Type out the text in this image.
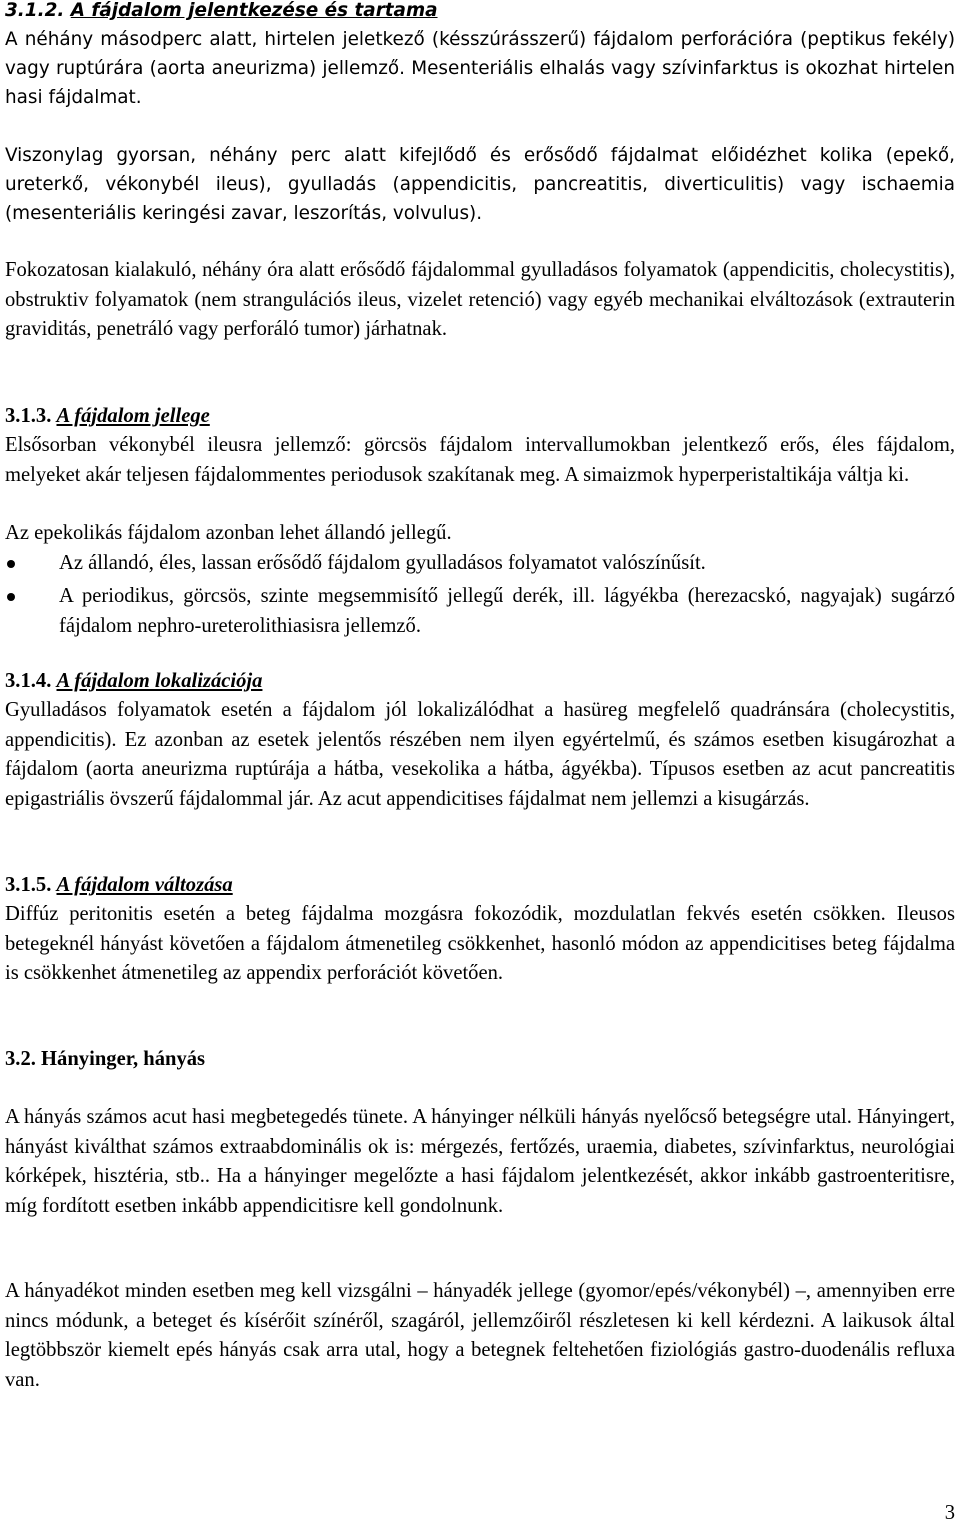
3.1.2. A fájdalom jelentkezése és tartama

A néhány másodperc alatt, hirtelen jeletkező (késszúrásszerű) fájdalom perforációra (peptikus fekély) vagy ruptúrára (aorta aneurizma) jellemző. Mesenteriális elhalás vagy szívinfarktus is okozhat hirtelen hasi fájdalmat.

Viszonylag gyorsan, néhány perc alatt kifejlődő és erősődő fájdalmat előidézhet kolika (epekő, ureterkő, vékonybél ileus), gyulladás (appendicitis, pancreatitis, diverticulitis) vagy ischaemia (mesenteriális keringési zavar, leszorítás, volvulus).

Fokozatosan kialakuló, néhány óra alatt erősődő fájdalommal gyulladásos folyamatok (appendicitis, cholecystitis), obstruktiv folyamatok (nem strangulációs ileus, vizelet retenció) vagy egyéb mechanikai elváltozások (extrauterin graviditás, penetráló vagy perforáló tumor) járhatnak.

3.1.3. A fájdalom jellege

Elsősorban vékonybél ileusra jellemző: görcsös fájdalom intervallumokban jelentkező erős, éles fájdalom, melyeket akár teljesen fájdalommentes periodusok szakítanak meg. A simaizmok hyperperistaltikája váltja ki.

Az epekolikás fájdalom azonban lehet állandó jellegű.

Az állandó, éles, lassan erősődő fájdalom gyulladásos folyamatot valószínűsít.
A periodikus, görcsös, szinte megsemmisítő jellegű derék, ill. lágyékba (herezacskó, nagyajak) sugárzó fájdalom nephro-ureterolithiasisra jellemző.
3.1.4. A fájdalom lokalizációja

Gyulladásos folyamatok esetén a fájdalom jól lokalizálódhat a hasüreg megfelelő quadránsára (cholecystitis, appendicitis). Ez azonban az esetek jelentős részében nem ilyen egyértelmű, és számos esetben kisugározhat a fájdalom (aorta aneurizma ruptúrája a hátba, vesekolika a hátba, ágyékba). Típusos esetben az acut pancreatitis epigastriális övszerű fájdalommal jár. Az acut appendicitises fájdalmat nem jellemzi a kisugárzás.

3.1.5. A fájdalom változása

Diffúz peritonitis esetén a beteg fájdalma mozgásra fokozódik, mozdulatlan fekvés esetén csökken. Ileusos betegeknél hányást követően a fájdalom átmenetileg csökkenhet, hasonló módon az appendicitises beteg fájdalma is csökkenhet átmenetileg az appendix perforációt követően.

3.2. Hányinger, hányás

A hányás számos acut hasi megbetegedés tünete. A hányinger nélküli hányás nyelőcső betegségre utal. Hányingert, hányást kiválthat számos extraabdominális ok is: mérgezés, fertőzés, uraemia, diabetes, szívinfarktus, neurológiai kórképek, hisztéria, stb.. Ha a hányinger megelőzte a hasi fájdalom jelentkezését, akkor inkább gastroenteritisre, míg fordított esetben inkább appendicitisre kell gondolnunk.

A hányadékot minden esetben meg kell vizsgálni – hányadék jellege (gyomor/epés/vékonybél) –, amennyiben erre nincs módunk, a beteget és kísérőit színéről, szagáról, jellemzőiről részletesen ki kell kérdezni. A laikusok által legtöbbször kiemelt epés hányás csak arra utal, hogy a betegnek feltehetően fiziológiás gastro-duodenális refluxa van.

3
